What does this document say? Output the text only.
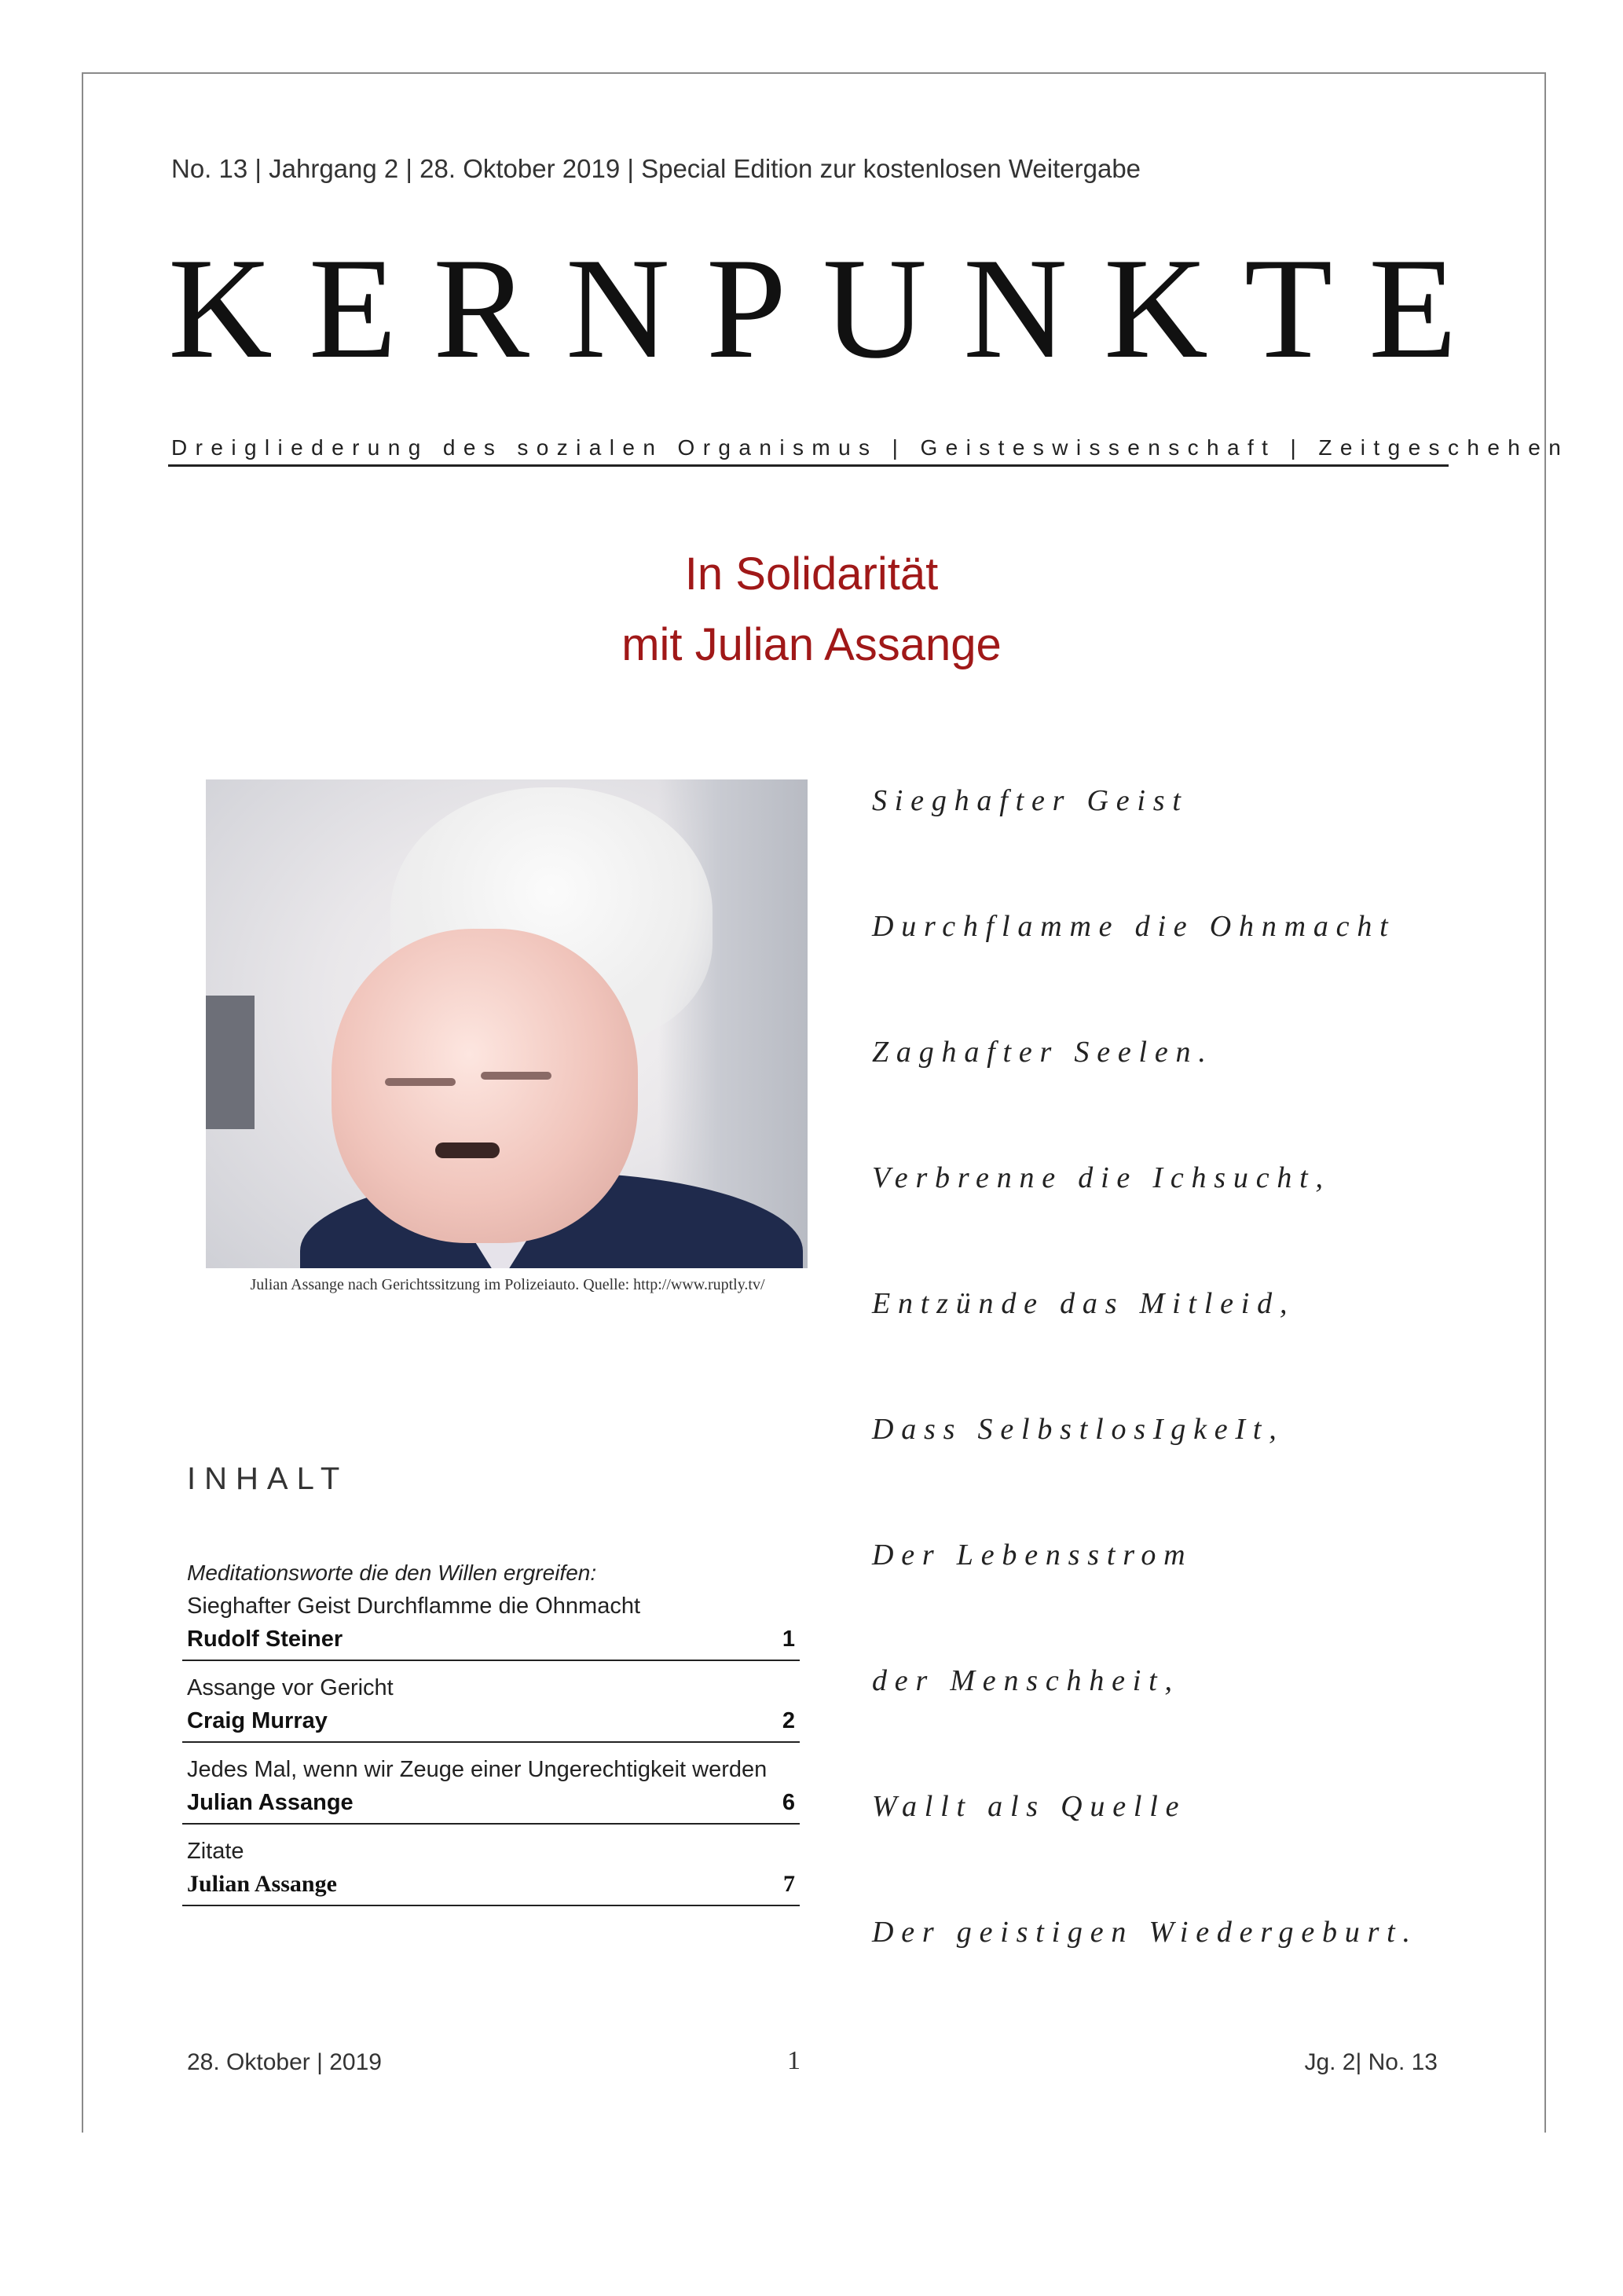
No. 13 | Jahrgang 2 | 28. Oktober 2019 | Special Edition zur kostenlosen Weitergabe
KERNPUNKTE
Dreigliederung des sozialen Organismus | Geisteswissenschaft | Zeitgeschehen
In Solidarität
mit Julian Assange
Julian Assange nach Gerichtssitzung im Polizeiauto. Quelle: http://www.ruptly.tv/
Sieghafter Geist
Durchflamme die Ohnmacht
Zaghafter Seelen.
Verbrenne die Ichsucht,
Entzünde das Mitleid,
Dass SelbstlosIgkeIt,
Der Lebensstrom
der Menschheit,
Wallt als Quelle
Der geistigen Wiedergeburt.
INHALT
Meditationsworte die den Willen ergreifen:
Sieghafter Geist Durchflamme die Ohnmacht
Rudolf Steiner	1
Assange vor Gericht
Craig Murray	2
Jedes Mal, wenn wir Zeuge einer Ungerechtigkeit werden
Julian Assange	6
Zitate
Julian Assange	7
28. Oktober | 2019	1	Jg. 2| No. 13
